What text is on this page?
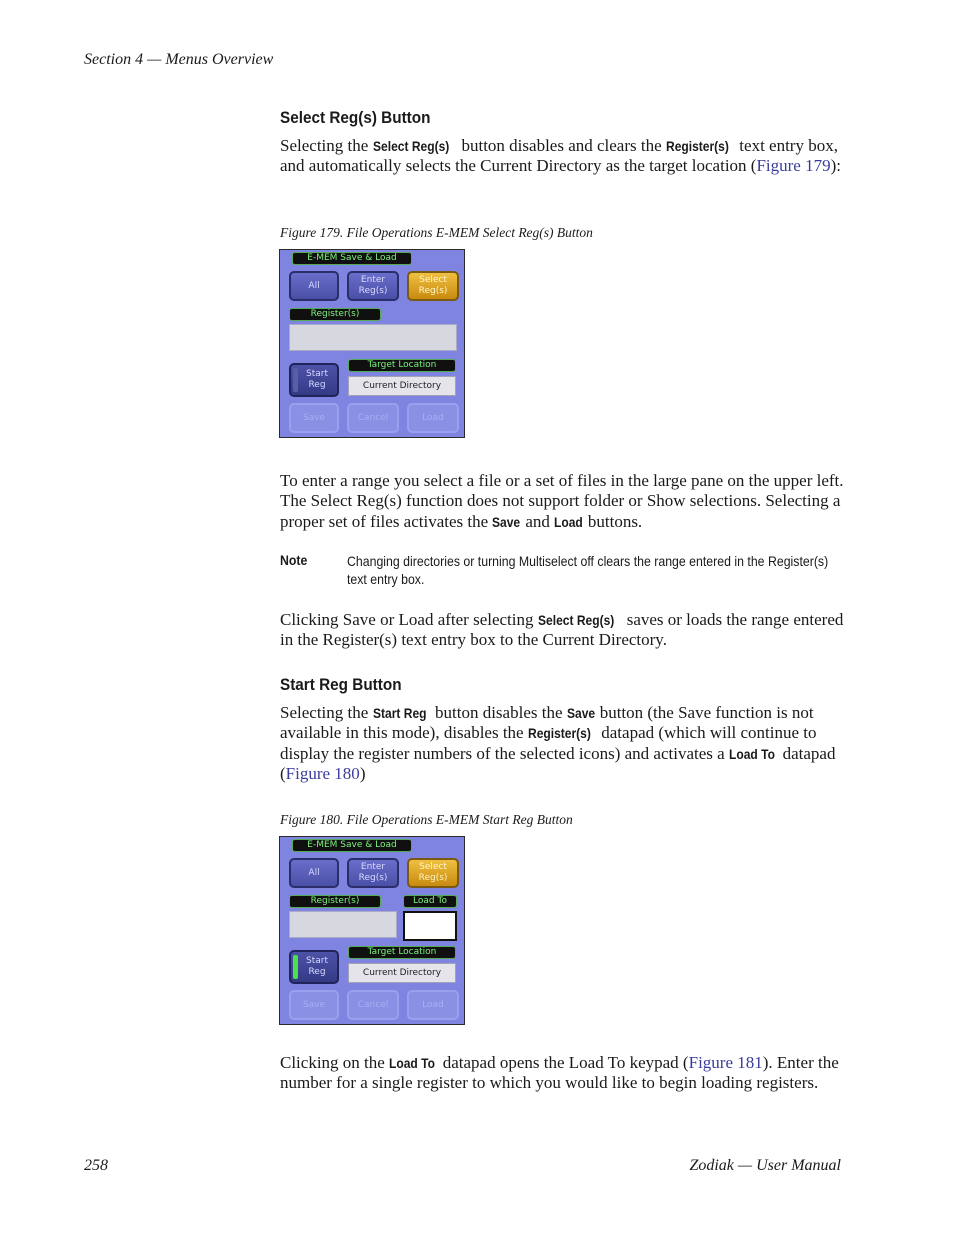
Section 4 — Menus Overview
Select Reg(s) Button

Selecting the Select Reg(s) button disables and clears the Register(s) text entry box, and automatically selects the Current Directory as the target location (Figure 179):

Figure 179. File Operations E-MEM Select Reg(s) Button
E-MEM Save & Load
All
Enter Reg(s)
Select Reg(s)
Register(s)
Start Reg
Target Location
Current Directory
Save	Cancel	Load

To enter a range you select a file or a set of files in the large pane on the upper left. The Select Reg(s) function does not support folder or Show selections. Selecting a proper set of files activates the Save and Load buttons.

Note	Changing directories or turning Multiselect off clears the range entered in the Register(s) text entry box.

Clicking Save or Load after selecting Select Reg(s) saves or loads the range entered in the Register(s) text entry box to the Current Directory.

Start Reg Button

Selecting the Start Reg button disables the Save button (the Save function is not available in this mode), disables the Register(s) datapad (which will continue to display the register numbers of the selected icons) and activates a Load To datapad (Figure 180)

Figure 180. File Operations E-MEM Start Reg Button
E-MEM Save & Load
All
Enter Reg(s)
Select Reg(s)
Register(s)	Load To
Start Reg
Target Location
Current Directory
Save	Cancel	Load

Clicking on the Load To datapad opens the Load To keypad (Figure 181). Enter the number for a single register to which you would like to begin loading registers.

258	Zodiak — User Manual
